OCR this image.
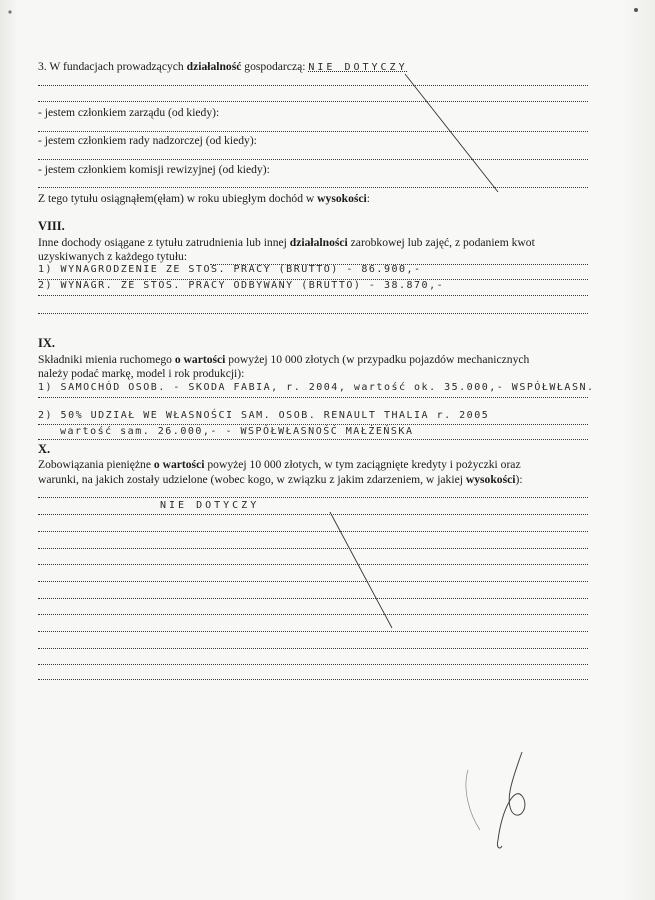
3. W fundacjach prowadzących działalność gospodarczą: NIE DOTYCZY
- jestem członkiem zarządu (od kiedy):
- jestem członkiem rady nadzorczej (od kiedy):
- jestem członkiem komisji rewizyjnej (od kiedy):
Z tego tytułu osiągnąłem(ęłam) w roku ubiegłym dochód w wysokości:
VIII.
Inne dochody osiągane z tytułu zatrudnienia lub innej działalności zarobkowej lub zajęć, z podaniem kwot
uzyskiwanych z każdego tytułu:
1) WYNAGRODZENIE ZE STOS. PRACY (BRUTTO) - 86.900,-
2) WYNAGR. ZE STOS. PRACY ODBYWANY (BRUTTO) - 38.870,-
IX.
Składniki mienia ruchomego o wartości powyżej 10 000 złotych (w przypadku pojazdów mechanicznych
należy podać markę, model i rok produkcji):
1) SAMOCHÓD OSOB. - SKODA FABIA, r. 2004, wartość ok. 35.000,- WSPÓŁWŁASN.
2) 50% UDZIAŁ WE WŁASNOŚCI SAM. OSOB. RENAULT THALIA r. 2005
wartość sam. 26.000,- - WSPÓŁWŁASNOŚĆ MAŁŻEŃSKA
X.
Zobowiązania pieniężne o wartości powyżej 10 000 złotych, w tym zaciągnięte kredyty i pożyczki oraz
warunki, na jakich zostały udzielone (wobec kogo, w związku z jakim zdarzeniem, w jakiej wysokości):
NIE DOTYCZY
